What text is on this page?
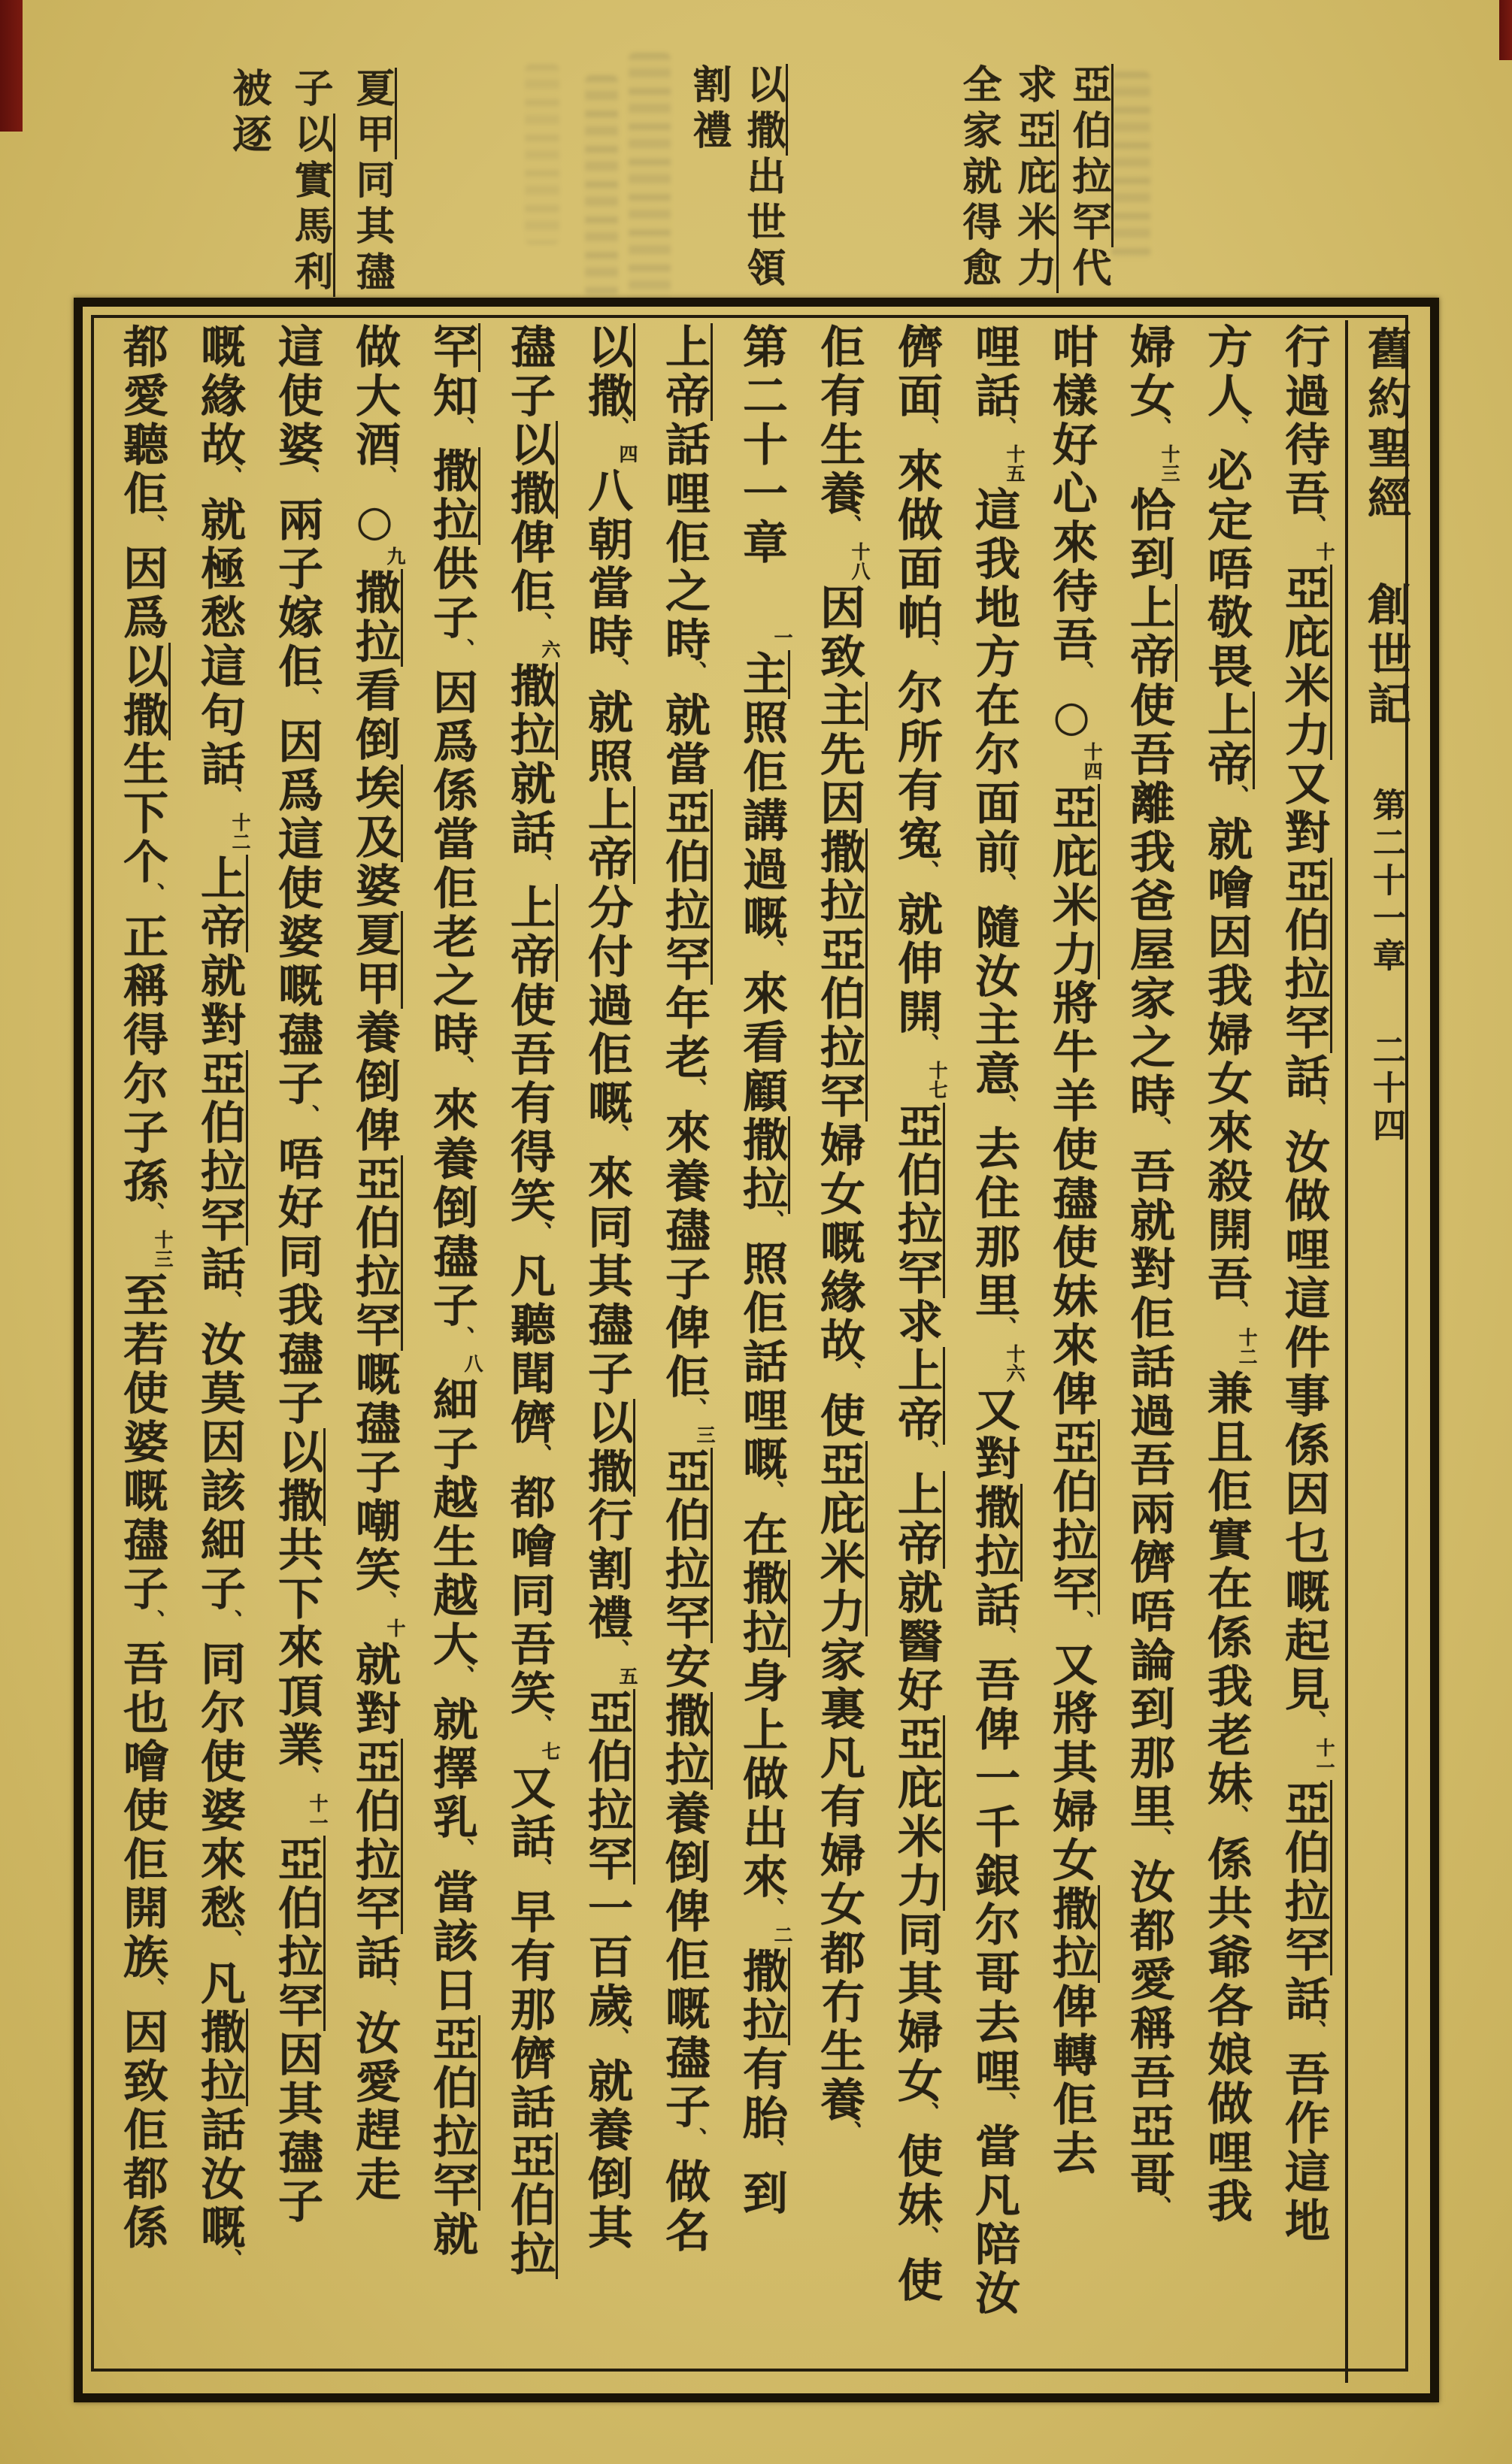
亞伯拉罕代
求亞庇米力
全家就得愈
以撒出世領
割禮
夏甲同其孻
子以實馬利
被逐
舊約聖經 創世記 第二十一章 二十四
行過待吾、十亞庇米力又對亞伯拉罕話、汝做哩這件事係因乜嘅起見、十一亞伯拉罕話、吾作這地
方人、必定唔敬畏上帝、就噲因我婦女來殺開吾、十二兼且佢實在係我老妹、係共爺各娘做哩我
婦女、十三恰到上帝使吾離我爸屋家之時、吾就對佢話過吾兩儕唔論到那里、汝都愛稱吾亞哥、
咁樣好心來待吾、○十四亞庇米力將牛羊使孻使妹來俾亞伯拉罕、又將其婦女撒拉俾轉佢去
哩話、十五這我地方在尔面前、隨汝主意、去住那里、十六又對撒拉話、吾俾一千銀尔哥去哩、當凡陪汝
儕面、來做面帕、尔所有寃、就伸開、十七亞伯拉罕求上帝、上帝就醫好亞庇米力同其婦女、使妹、使
佢有生養、十八因致主先因撒拉亞伯拉罕婦女嘅緣故、使亞庇米力家裏凡有婦女都冇生養、
第二十一章一主照佢講過嘅、來看顧撒拉、照佢話哩嘅、在撒拉身上做出來、二撒拉有胎、到
上帝話哩佢之時、就當亞伯拉罕年老、來養孻子俾佢、三亞伯拉罕安撒拉養倒俾佢嘅孻子、做名
以撒、四八朝當時、就照上帝分付過佢嘅、來同其孻子以撒行割禮、五亞伯拉罕一百歲、就養倒其
孻子以撒俾佢、六撒拉就話、上帝使吾有得笑、凡聽聞儕、都噲同吾笑、七又話、早有那儕話亞伯拉
罕知、撒拉供子、因爲係當佢老之時、來養倒孻子、八細子越生越大、就擇乳、當該日亞伯拉罕就
做大酒、○九撒拉看倒埃及婆夏甲養倒俾亞伯拉罕嘅孻子嘲笑、十就對亞伯拉罕話、汝愛趕走
這使婆、兩子嫁佢、因爲這使婆嘅孻子、唔好同我孻子以撒共下來頂業、十一亞伯拉罕因其孻子
嘅緣故、就極愁這句話、十二上帝就對亞伯拉罕話、汝莫因該細子、同尔使婆來愁、凡撒拉話汝嘅、
都愛聽佢、因爲以撒生下个、正稱得尔子孫、十三至若使婆嘅孻子、吾也噲使佢開族、因致佢都係
